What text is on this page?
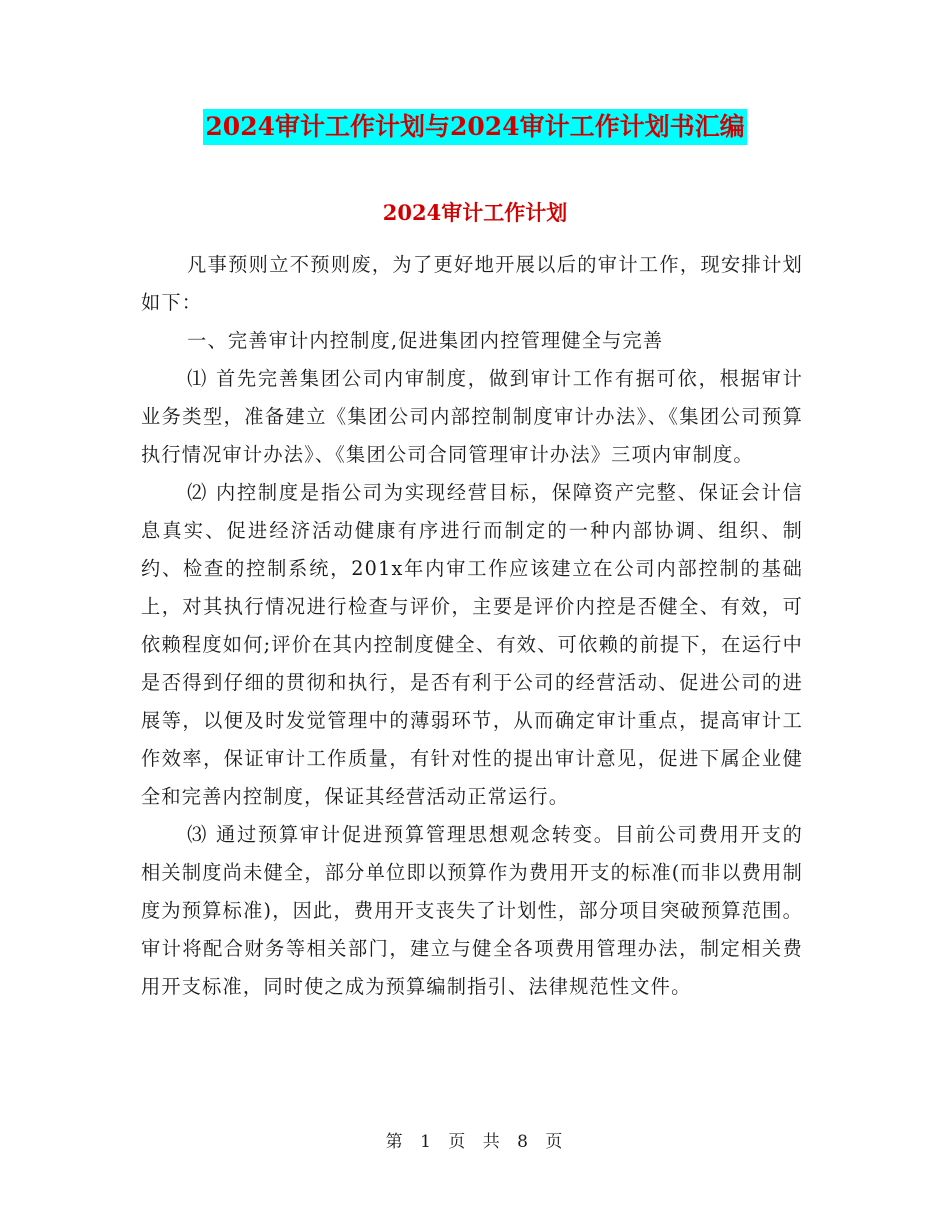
2024审计工作计划与2024审计工作计划书汇编
2024审计工作计划

凡事预则立不预则废，为了更好地开展以后的审计工作，现安排计划如下：

一、完善审计内控制度,促进集团内控管理健全与完善

⑴ 首先完善集团公司内审制度，做到审计工作有据可依，根据审计业务类型，准备建立《集团公司内部控制制度审计办法》、《集团公司预算执行情况审计办法》、《集团公司合同管理审计办法》三项内审制度。

⑵ 内控制度是指公司为实现经营目标，保障资产完整、保证会计信息真实、促进经济活动健康有序进行而制定的一种内部协调、组织、制约、检查的控制系统，201x年内审工作应该建立在公司内部控制的基础上，对其执行情况进行检查与评价，主要是评价内控是否健全、有效，可依赖程度如何;评价在其内控制度健全、有效、可依赖的前提下，在运行中是否得到仔细的贯彻和执行，是否有利于公司的经营活动、促进公司的进展等，以便及时发觉管理中的薄弱环节，从而确定审计重点，提高审计工作效率，保证审计工作质量，有针对性的提出审计意见，促进下属企业健全和完善内控制度，保证其经营活动正常运行。

⑶ 通过预算审计促进预算管理思想观念转变。目前公司费用开支的相关制度尚未健全，部分单位即以预算作为费用开支的标准(而非以费用制度为预算标准)，因此，费用开支丧失了计划性，部分项目突破预算范围。审计将配合财务等相关部门，建立与健全各项费用管理办法，制定相关费用开支标准，同时使之成为预算编制指引、法律规范性文件。

第 1 页 共 8 页
